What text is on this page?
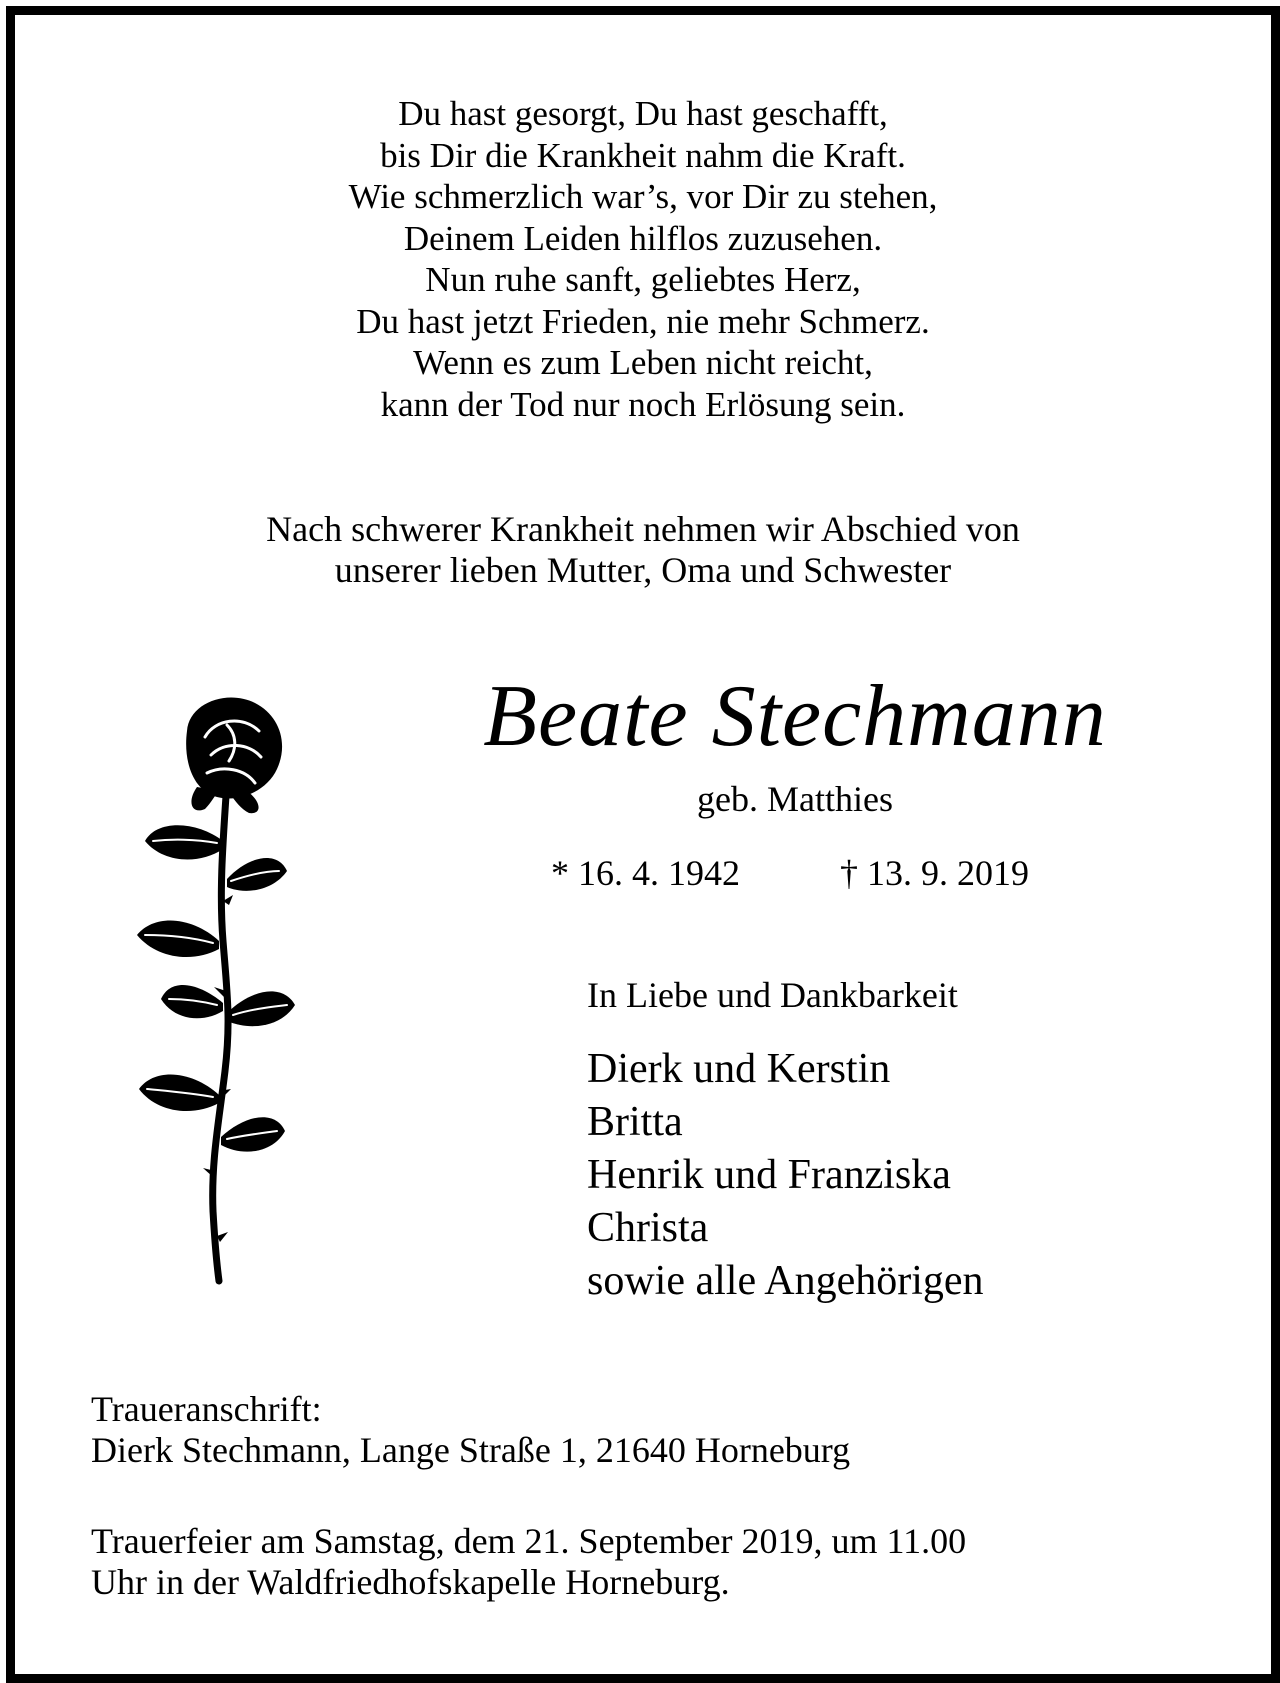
Du hast gesorgt, Du hast geschafft,
bis Dir die Krankheit nahm die Kraft.
Wie schmerzlich war’s, vor Dir zu stehen,
Deinem Leiden hilflos zuzusehen.
Nun ruhe sanft, geliebtes Herz,
Du hast jetzt Frieden, nie mehr Schmerz.
Wenn es zum Leben nicht reicht,
kann der Tod nur noch Erlösung sein.
Nach schwerer Krankheit nehmen wir Abschied von
unserer lieben Mutter, Oma und Schwester
Beate Stechmann
geb. Matthies
* 16. 4. 1942	† 13. 9. 2019
In Liebe und Dankbarkeit
Dierk und Kerstin
Britta
Henrik und Franziska
Christa
sowie alle Angehörigen
Traueranschrift:
Dierk Stechmann, Lange Straße 1, 21640 Horneburg
Trauerfeier am Samstag, dem 21. September 2019, um 11.00
Uhr in der Waldfriedhofskapelle Horneburg.
